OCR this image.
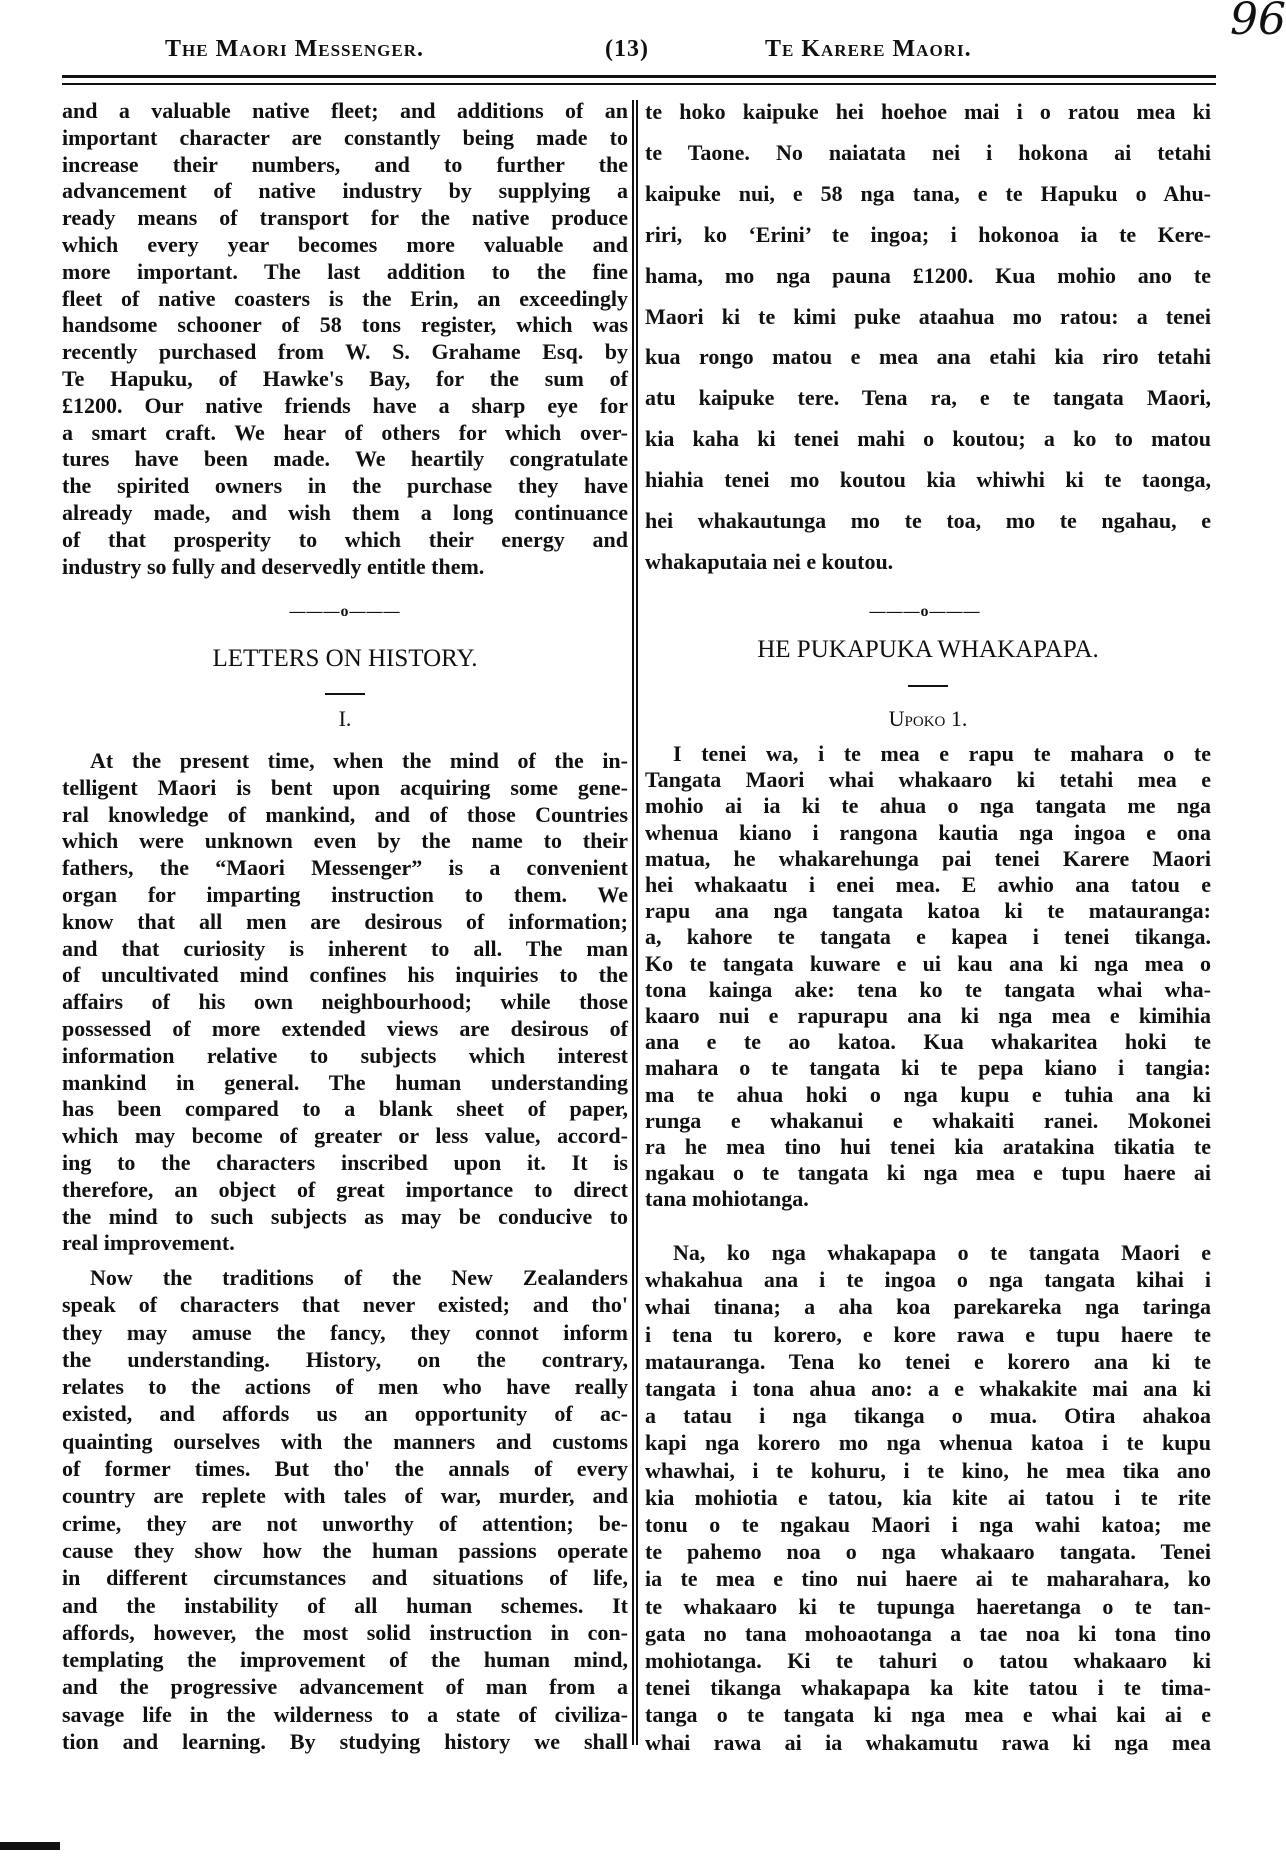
The Maori Messenger.	(13)	Te Karere Maori.
96
and a valuable native fleet; and additions of an
important character are constantly being made to
increase their numbers, and to further the
advancement of native industry by supplying a
ready means of transport for the native produce
which every year becomes more valuable and
more important. The last addition to the fine
fleet of native coasters is the Erin, an exceedingly
handsome schooner of 58 tons register, which was
recently purchased from W. S. Grahame Esq. by
Te Hapuku, of Hawke's Bay, for the sum of
£1200. Our native friends have a sharp eye for
a smart craft. We hear of others for which over-
tures have been made. We heartily congratulate
the spirited owners in the purchase they have
already made, and wish them a long continuance
of that prosperity to which their energy and
industry so fully and deservedly entitle them.
te hoko kaipuke hei hoehoe mai i o ratou mea ki
te Taone. No naiatata nei i hokona ai tetahi
kaipuke nui, e 58 nga tana, e te Hapuku o Ahu-
riri, ko ‘Erini’ te ingoa; i hokonoa ia te Kere-
hama, mo nga pauna £1200. Kua mohio ano te
Maori ki te kimi puke ataahua mo ratou: a tenei
kua rongo matou e mea ana etahi kia riro tetahi
atu kaipuke tere. Tena ra, e te tangata Maori,
kia kaha ki tenei mahi o koutou; a ko to matou
hiahia tenei mo koutou kia whiwhi ki te taonga,
hei whakautunga mo te toa, mo te ngahau, e
whakaputaia nei e koutou.
———o———	———o———
LETTERS ON HISTORY.
I.
HE PUKAPUKA WHAKAPAPA.
Upoko 1.
At the present time, when the mind of the in-
telligent Maori is bent upon acquiring some gene-
ral knowledge of mankind, and of those Countries
which were unknown even by the name to their
fathers, the “Maori Messenger” is a convenient
organ for imparting instruction to them. We
know that all men are desirous of information;
and that curiosity is inherent to all. The man
of uncultivated mind confines his inquiries to the
affairs of his own neighbourhood; while those
possessed of more extended views are desirous of
information relative to subjects which interest
mankind in general. The human understanding
has been compared to a blank sheet of paper,
which may become of greater or less value, accord-
ing to the characters inscribed upon it. It is
therefore, an object of great importance to direct
the mind to such subjects as may be conducive to
real improvement.
Now the traditions of the New Zealanders
speak of characters that never existed; and tho'
they may amuse the fancy, they connot inform
the understanding. History, on the contrary,
relates to the actions of men who have really
existed, and affords us an opportunity of ac-
quainting ourselves with the manners and customs
of former times. But tho' the annals of every
country are replete with tales of war, murder, and
crime, they are not unworthy of attention; be-
cause they show how the human passions operate
in different circumstances and situations of life,
and the instability of all human schemes. It
affords, however, the most solid instruction in con-
templating the improvement of the human mind,
and the progressive advancement of man from a
savage life in the wilderness to a state of civiliza-
tion and learning. By studying history we shall
I tenei wa, i te mea e rapu te mahara o te
Tangata Maori whai whakaaro ki tetahi mea e
mohio ai ia ki te ahua o nga tangata me nga
whenua kiano i rangona kautia nga ingoa e ona
matua, he whakarehunga pai tenei Karere Maori
hei whakaatu i enei mea. E awhio ana tatou e
rapu ana nga tangata katoa ki te matauranga:
a, kahore te tangata e kapea i tenei tikanga.
Ko te tangata kuware e ui kau ana ki nga mea o
tona kainga ake: tena ko te tangata whai wha-
kaaro nui e rapurapu ana ki nga mea e kimihia
ana e te ao katoa. Kua whakaritea hoki te
mahara o te tangata ki te pepa kiano i tangia:
ma te ahua hoki o nga kupu e tuhia ana ki
runga e whakanui e whakaiti ranei. Mokonei
ra he mea tino hui tenei kia aratakina tikatia te
ngakau o te tangata ki nga mea e tupu haere ai
tana mohiotanga.
Na, ko nga whakapapa o te tangata Maori e
whakahua ana i te ingoa o nga tangata kihai i
whai tinana; a aha koa parekareka nga taringa
i tena tu korero, e kore rawa e tupu haere te
matauranga. Tena ko tenei e korero ana ki te
tangata i tona ahua ano: a e whakakite mai ana ki
a tatau i nga tikanga o mua. Otira ahakoa
kapi nga korero mo nga whenua katoa i te kupu
whawhai, i te kohuru, i te kino, he mea tika ano
kia mohiotia e tatou, kia kite ai tatou i te rite
tonu o te ngakau Maori i nga wahi katoa; me
te pahemo noa o nga whakaaro tangata. Tenei
ia te mea e tino nui haere ai te maharahara, ko
te whakaaro ki te tupunga haeretanga o te tan-
gata no tana mohoaotanga a tae noa ki tona tino
mohiotanga. Ki te tahuri o tatou whakaaro ki
tenei tikanga whakapapa ka kite tatou i te tima-
tanga o te tangata ki nga mea e whai kai ai e
whai rawa ai ia whakamutu rawa ki nga mea
